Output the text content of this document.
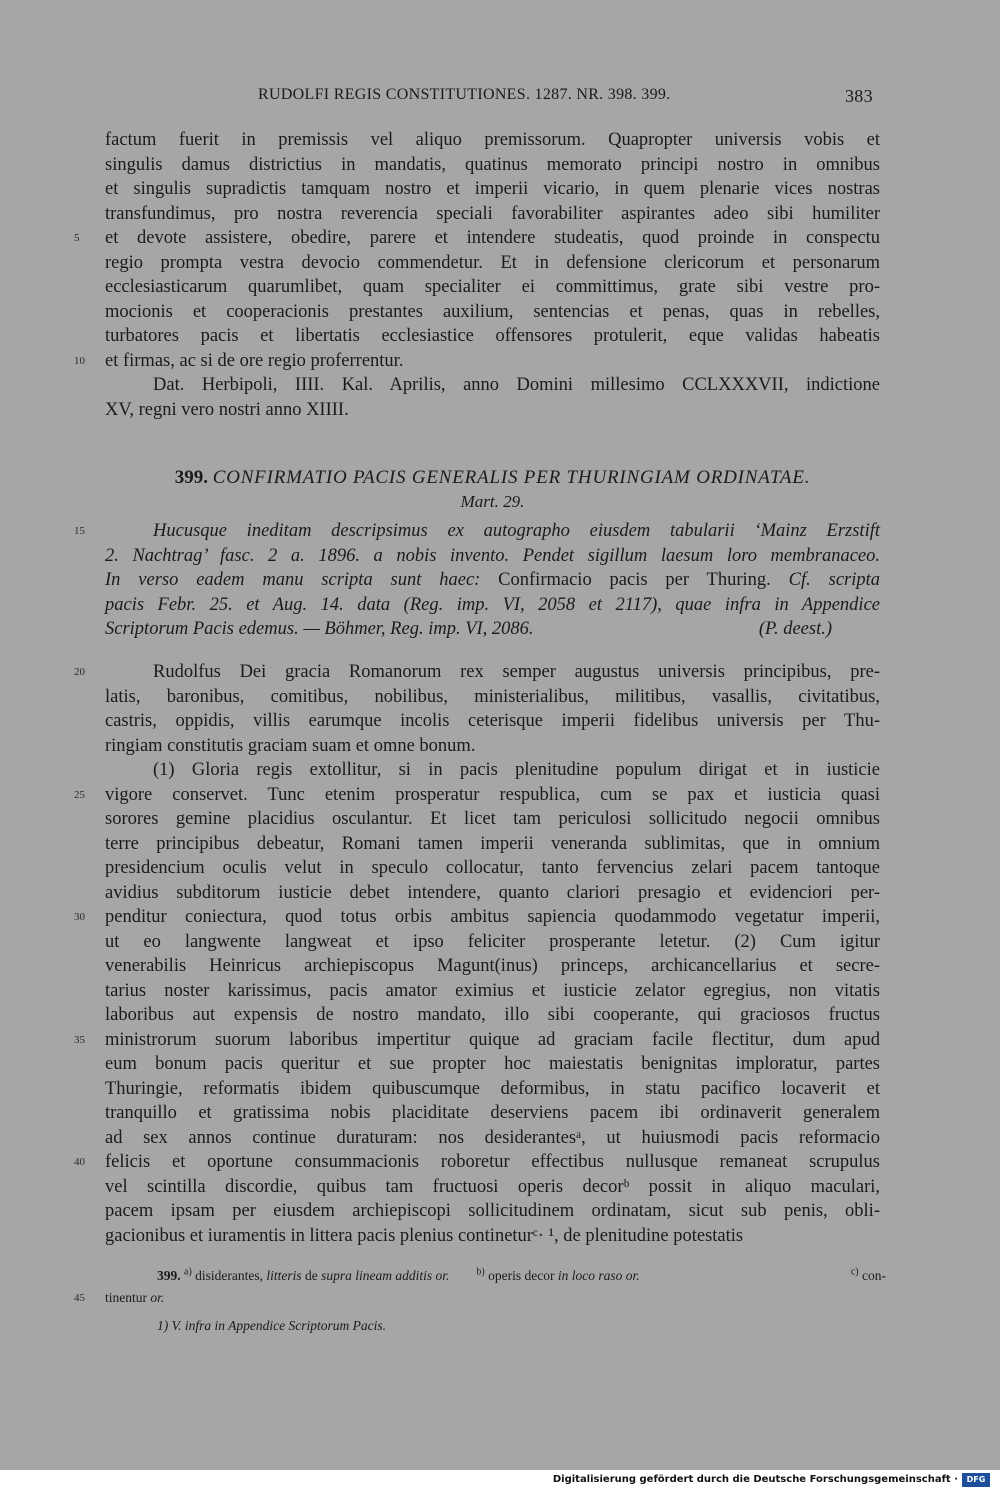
RUDOLFI REGIS CONSTITUTIONES. 1287. NR. 398. 399.	383
factum fuerit in premissis vel aliquo premissorum. Quapropter universis vobis et
singulis damus districtius in mandatis, quatinus memorato principi nostro in omnibus
et singulis supradictis tamquam nostro et imperii vicario, in quem plenarie vices nostras
transfundimus, pro nostra reverencia speciali favorabiliter aspirantes adeo sibi humiliter
5	et devote assistere, obedire, parere et intendere studeatis, quod proinde in conspectu
regio prompta vestra devocio commendetur. Et in defensione clericorum et personarum
ecclesiasticarum quarumlibet, quam specialiter ei committimus, grate sibi vestre pro-
mocionis et cooperacionis prestantes auxilium, sentencias et penas, quas in rebelles,
turbatores pacis et libertatis ecclesiastice offensores protulerit, eque validas habeatis
10	et firmas, ac si de ore regio proferrentur.
Dat. Herbipoli, IIII. Kal. Aprilis, anno Domini millesimo CCLXXXVII, indictione
XV, regni vero nostri anno XIIII.
399. CONFIRMATIO PACIS GENERALIS PER THURINGIAM ORDINATAE.
Mart. 29.
15	Hucusque ineditam descripsimus ex autographo eiusdem tabularii ‘Mainz Erzstift
2. Nachtrag’ fasc. 2 a. 1896. a nobis invento. Pendet sigillum laesum loro membranaceo.
In verso eadem manu scripta sunt haec: Confirmacio pacis per Thuring. Cf. scripta
pacis Febr. 25. et Aug. 14. data (Reg. imp. VI, 2058 et 2117), quae infra in Appendice
Scriptorum Pacis edemus. — Böhmer, Reg. imp. VI, 2086.	(P. deest.)
20	Rudolfus Dei gracia Romanorum rex semper augustus universis principibus, pre-
latis, baronibus, comitibus, nobilibus, ministerialibus, militibus, vasallis, civitatibus,
castris, oppidis, villis earumque incolis ceterisque imperii fidelibus universis per Thu-
ringiam constitutis graciam suam et omne bonum.
(1) Gloria regis extollitur, si in pacis plenitudine populum dirigat et in iusticie
25	vigore conservet. Tunc etenim prosperatur respublica, cum se pax et iusticia quasi
sorores gemine placidius osculantur. Et licet tam periculosi sollicitudo negocii omnibus
terre principibus debeatur, Romani tamen imperii veneranda sublimitas, que in omnium
presidencium oculis velut in speculo collocatur, tanto fervencius zelari pacem tantoque
avidius subditorum iusticie debet intendere, quanto clariori presagio et evidenciori per-
30	penditur coniectura, quod totus orbis ambitus sapiencia quodammodo vegetatur imperii,
ut eo langwente langweat et ipso feliciter prosperante letetur. (2) Cum igitur
venerabilis Heinricus archiepiscopus Magunt(inus) princeps, archicancellarius et secre-
tarius noster karissimus, pacis amator eximius et iusticie zelator egregius, non vitatis
laboribus aut expensis de nostro mandato, illo sibi cooperante, qui graciosos fructus
35	ministrorum suorum laboribus impertitur quique ad graciam facile flectitur, dum apud
eum bonum pacis queritur et sue propter hoc maiestatis benignitas imploratur, partes
Thuringie, reformatis ibidem quibuscumque deformibus, in statu pacifico locaverit et
tranquillo et gratissima nobis placiditate deserviens pacem ibi ordinaverit generalem
ad sex annos continue duraturam: nos desiderantesᵃ, ut huiusmodi pacis reformacio
40	felicis et oportune consummacionis roboretur effectibus nullusque remaneat scrupulus
vel scintilla discordie, quibus tam fructuosi operis decorᵇ possit in aliquo maculari,
pacem ipsam per eiusdem archiepiscopi sollicitudinem ordinatam, sicut sub penis, obli-
gacionibus et iuramentis in littera pacis plenius contineturᶜ· ¹, de plenitudine potestatis
399. $^{a)}$ disiderantes, litteris de supra lineam additis or.	$^{b)}$ operis decor in loco raso or.	$^{c)}$ con-
45	tinentur or.
1) V. infra in Appendice Scriptorum Pacis.
Digitalisierung gefördert durch die Deutsche Forschungsgemeinschaft ·	DFG
